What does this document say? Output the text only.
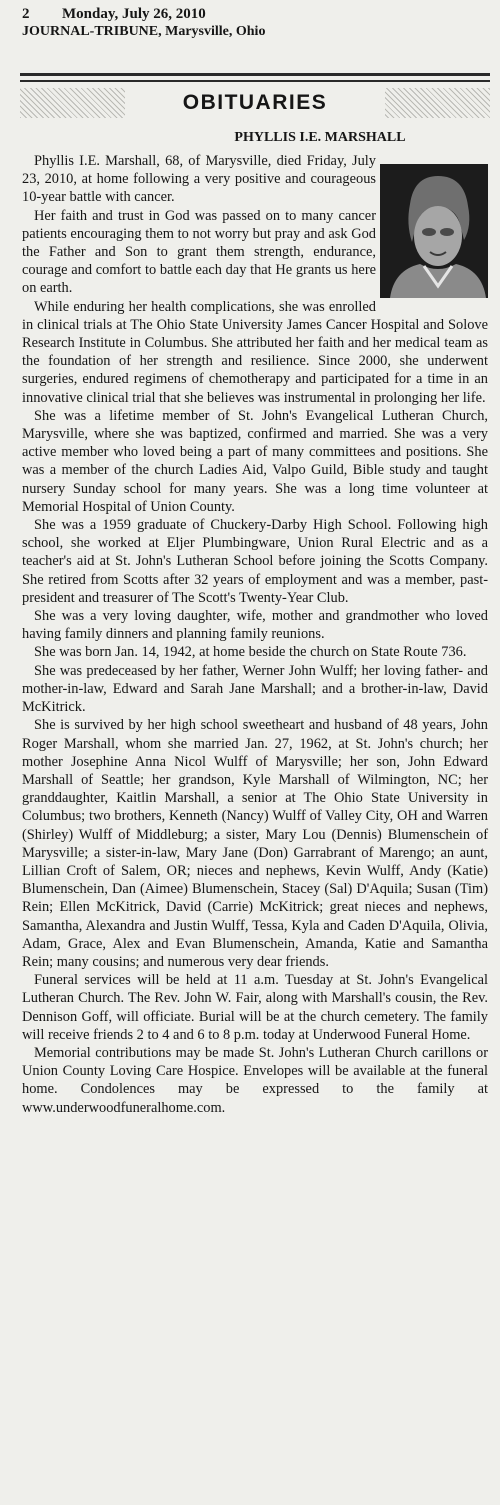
2 Monday, July 26, 2010
JOURNAL-TRIBUNE, Marysville, Ohio
OBITUARIES
PHYLLIS I.E. MARSHALL

Phyllis I.E. Marshall, 68, of Marysville, died Friday, July 23, 2010, at home following a very positive and courageous 10-year battle with cancer.

Her faith and trust in God was passed on to many cancer patients encouraging them to not worry but pray and ask God the Father and Son to grant them strength, endurance, courage and comfort to battle each day that He grants us here on earth.

While enduring her health complications, she was enrolled in clinical trials at The Ohio State University James Cancer Hospital and Solove Research Institute in Columbus. She attributed her faith and her medical team as the foundation of her strength and resilience. Since 2000, she underwent surgeries, endured regimens of chemotherapy and participated for a time in an innovative clinical trial that she believes was instrumental in prolonging her life.

She was a lifetime member of St. John's Evangelical Lutheran Church, Marysville, where she was baptized, confirmed and married. She was a very active member who loved being a part of many committees and positions. She was a member of the church Ladies Aid, Valpo Guild, Bible study and taught nursery Sunday school for many years. She was a long time volunteer at Memorial Hospital of Union County.

She was a 1959 graduate of Chuckery-Darby High School. Following high school, she worked at Eljer Plumbingware, Union Rural Electric and as a teacher's aid at St. John's Lutheran School before joining the Scotts Company. She retired from Scotts after 32 years of employment and was a member, past-president and treasurer of The Scott's Twenty-Year Club.

She was a very loving daughter, wife, mother and grandmother who loved having family dinners and planning family reunions.

She was born Jan. 14, 1942, at home beside the church on State Route 736.

She was predeceased by her father, Werner John Wulff; her loving father- and mother-in-law, Edward and Sarah Jane Marshall; and a brother-in-law, David McKitrick.

She is survived by her high school sweetheart and husband of 48 years, John Roger Marshall, whom she married Jan. 27, 1962, at St. John's church; her mother Josephine Anna Nicol Wulff of Marysville; her son, John Edward Marshall of Seattle; her grandson, Kyle Marshall of Wilmington, NC; her granddaughter, Kaitlin Marshall, a senior at The Ohio State University in Columbus; two brothers, Kenneth (Nancy) Wulff of Valley City, OH and Warren (Shirley) Wulff of Middleburg; a sister, Mary Lou (Dennis) Blumenschein of Marysville; a sister-in-law, Mary Jane (Don) Garrabrant of Marengo; an aunt, Lillian Croft of Salem, OR; nieces and nephews, Kevin Wulff, Andy (Katie) Blumenschein, Dan (Aimee) Blumenschein, Stacey (Sal) D'Aquila; Susan (Tim) Rein; Ellen McKitrick, David (Carrie) McKitrick; great nieces and nephews, Samantha, Alexandra and Justin Wulff, Tessa, Kyla and Caden D'Aquila, Olivia, Adam, Grace, Alex and Evan Blumenschein, Amanda, Katie and Samantha Rein; many cousins; and numerous very dear friends.

Funeral services will be held at 11 a.m. Tuesday at St. John's Evangelical Lutheran Church. The Rev. John W. Fair, along with Marshall's cousin, the Rev. Dennison Goff, will officiate. Burial will be at the church cemetery. The family will receive friends 2 to 4 and 6 to 8 p.m. today at Underwood Funeral Home.

Memorial contributions may be made St. John's Lutheran Church carillons or Union County Loving Care Hospice. Envelopes will be available at the funeral home. Condolences may be expressed to the family at www.underwoodfuneralhome.com.
